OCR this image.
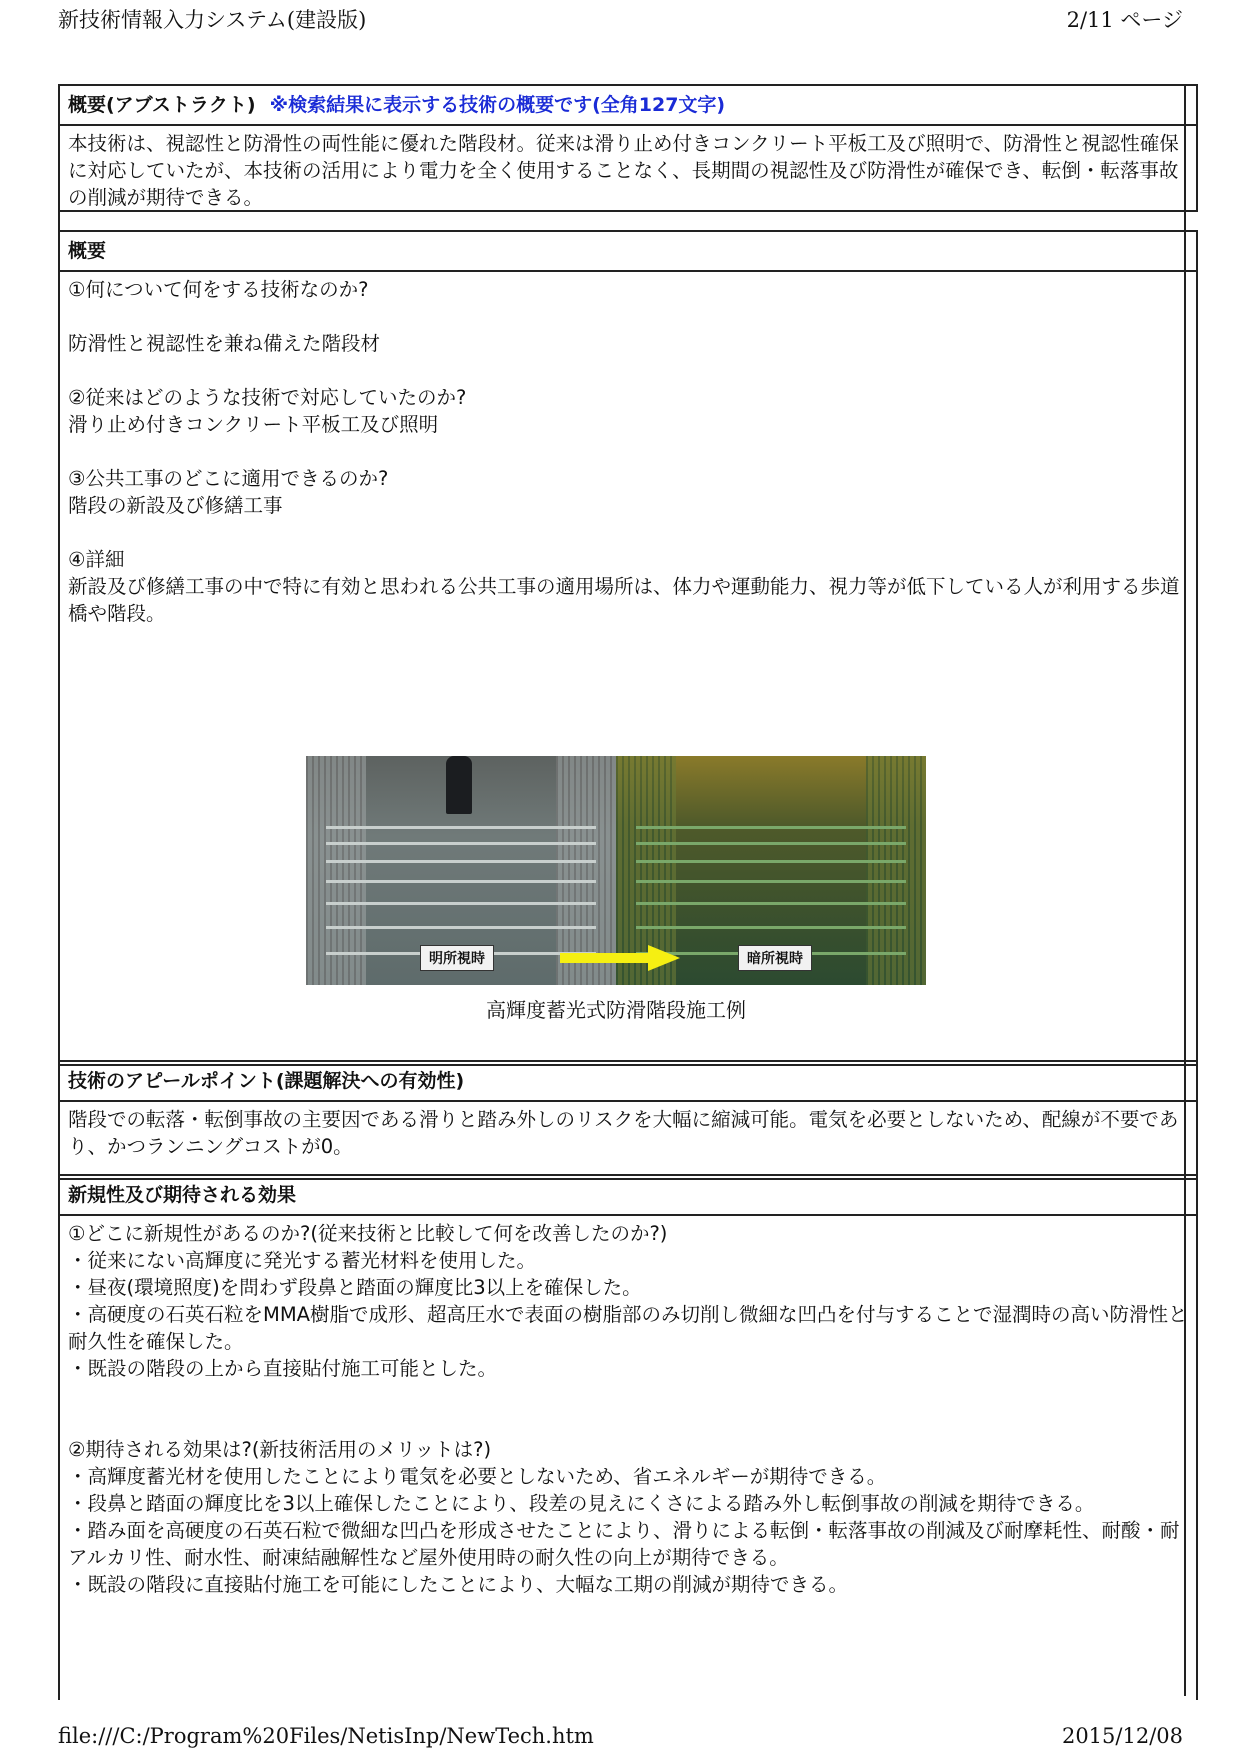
新技術情報入力システム(建設版)	2/11 ページ
概要(アブストラクト) ※検索結果に表示する技術の概要です(全角127文字)
本技術は、視認性と防滑性の両性能に優れた階段材。従来は滑り止め付きコンクリート平板工及び照明で、防滑性と視認性確保に対応していたが、本技術の活用により電力を全く使用することなく、長期間の視認性及び防滑性が確保でき、転倒・転落事故の削減が期待できる。
概要
①何について何をする技術なのか?
防滑性と視認性を兼ね備えた階段材
②従来はどのような技術で対応していたのか?
滑り止め付きコンクリート平板工及び照明
③公共工事のどこに適用できるのか?
階段の新設及び修繕工事
④詳細
新設及び修繕工事の中で特に有効と思われる公共工事の適用場所は、体力や運動能力、視力等が低下している人が利用する歩道橋や階段。
明所視時	暗所視時
高輝度蓄光式防滑階段施工例
技術のアピールポイント(課題解決への有効性)
階段での転落・転倒事故の主要因である滑りと踏み外しのリスクを大幅に縮減可能。電気を必要としないため、配線が不要であり、かつランニングコストが0。
新規性及び期待される効果
①どこに新規性があるのか?(従来技術と比較して何を改善したのか?)
・従来にない高輝度に発光する蓄光材料を使用した。
・昼夜(環境照度)を問わず段鼻と踏面の輝度比3以上を確保した。
・高硬度の石英石粒をMMA樹脂で成形、超高圧水で表面の樹脂部のみ切削し微細な凹凸を付与することで湿潤時の高い防滑性と耐久性を確保した。
・既設の階段の上から直接貼付施工可能とした。
②期待される効果は?(新技術活用のメリットは?)
・高輝度蓄光材を使用したことにより電気を必要としないため、省エネルギーが期待できる。
・段鼻と踏面の輝度比を3以上確保したことにより、段差の見えにくさによる踏み外し転倒事故の削減を期待できる。
・踏み面を高硬度の石英石粒で微細な凹凸を形成させたことにより、滑りによる転倒・転落事故の削減及び耐摩耗性、耐酸・耐アルカリ性、耐水性、耐凍結融解性など屋外使用時の耐久性の向上が期待できる。
・既設の階段に直接貼付施工を可能にしたことにより、大幅な工期の削減が期待できる。
file:///C:/Program%20Files/NetisInp/NewTech.htm	2015/12/08
